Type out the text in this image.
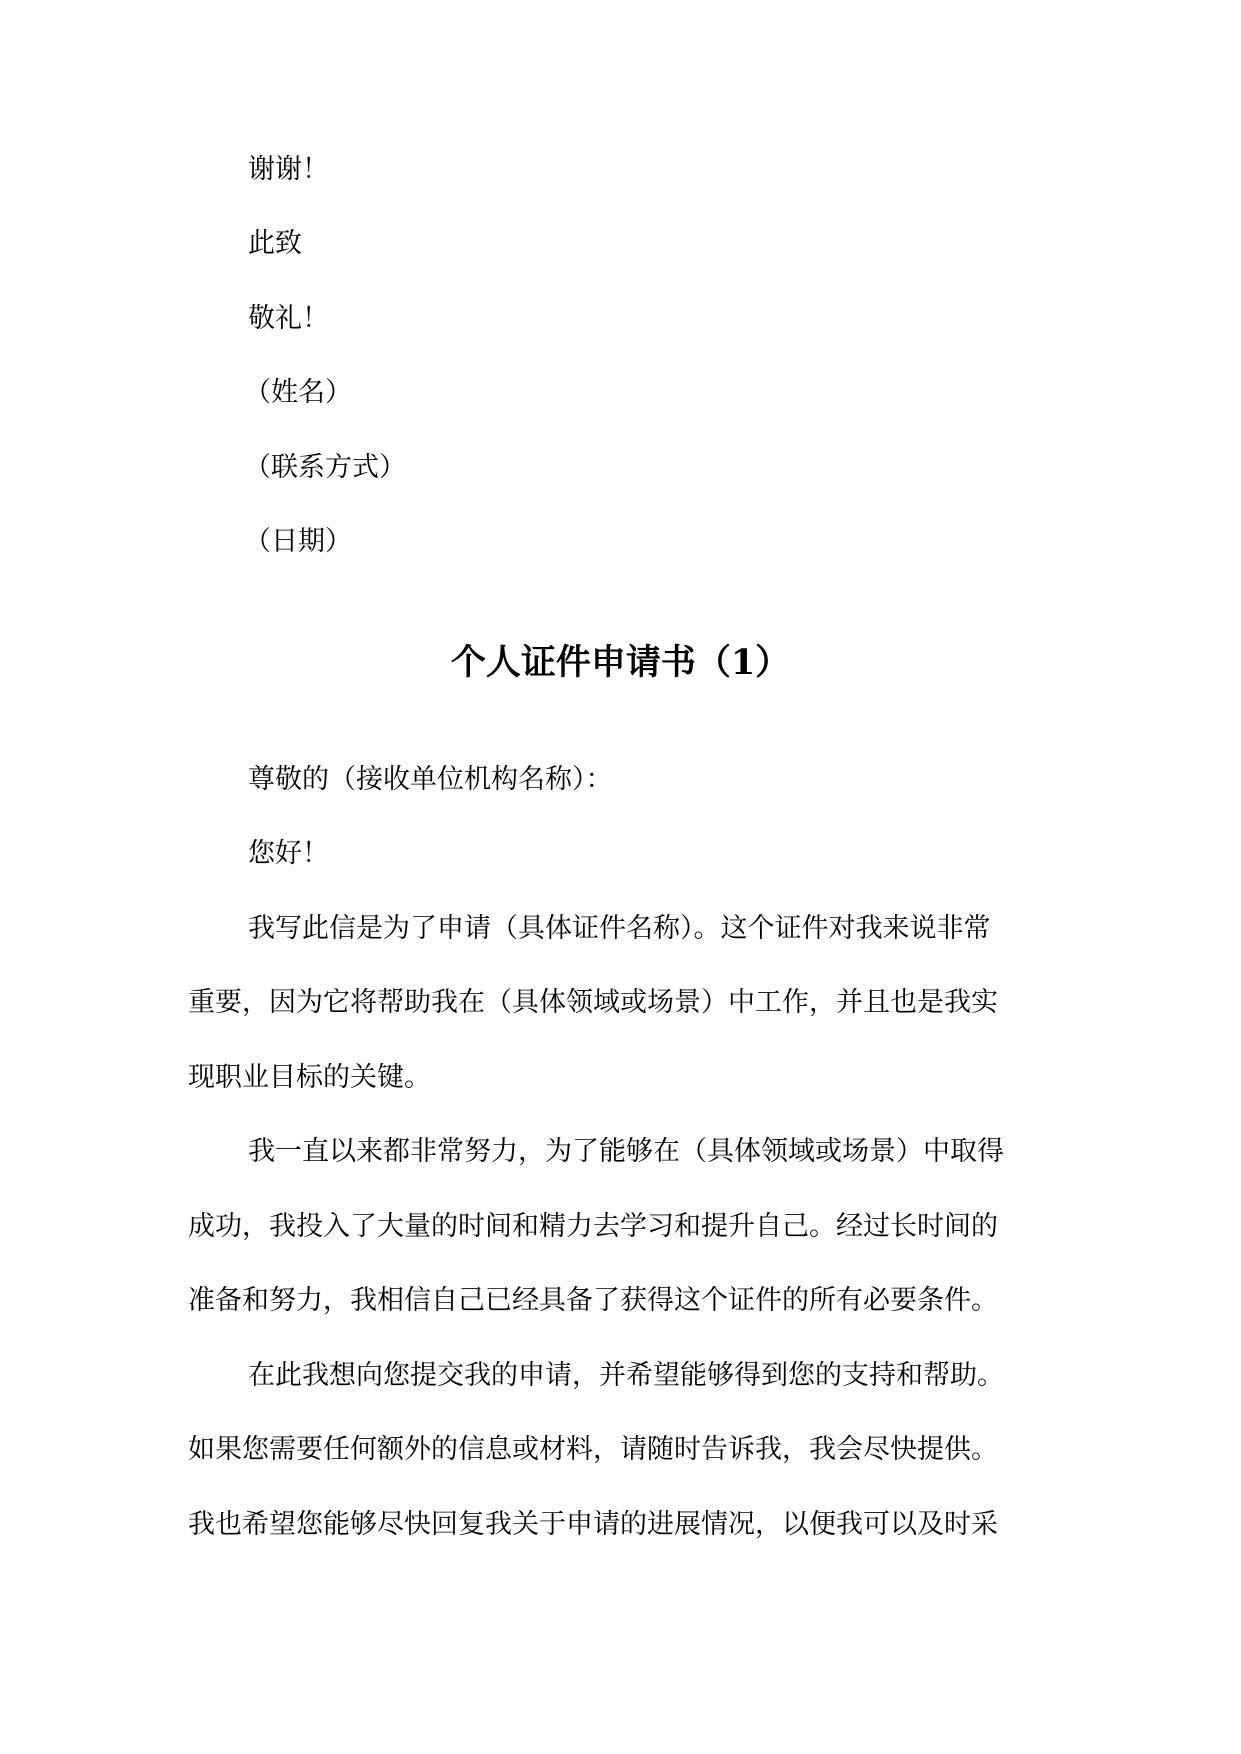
谢谢！
此致
敬礼！
（姓名）
（联系方式）
（日期）
个人证件申请书（1）
尊敬的（接收单位机构名称）：
您好！
我写此信是为了申请（具体证件名称）。这个证件对我来说非常
重要，因为它将帮助我在（具体领域或场景）中工作，并且也是我实
现职业目标的关键。
我一直以来都非常努力，为了能够在（具体领域或场景）中取得
成功，我投入了大量的时间和精力去学习和提升自己。经过长时间的
准备和努力，我相信自己已经具备了获得这个证件的所有必要条件。
在此我想向您提交我的申请，并希望能够得到您的支持和帮助。
如果您需要任何额外的信息或材料，请随时告诉我，我会尽快提供。
我也希望您能够尽快回复我关于申请的进展情况，以便我可以及时采
